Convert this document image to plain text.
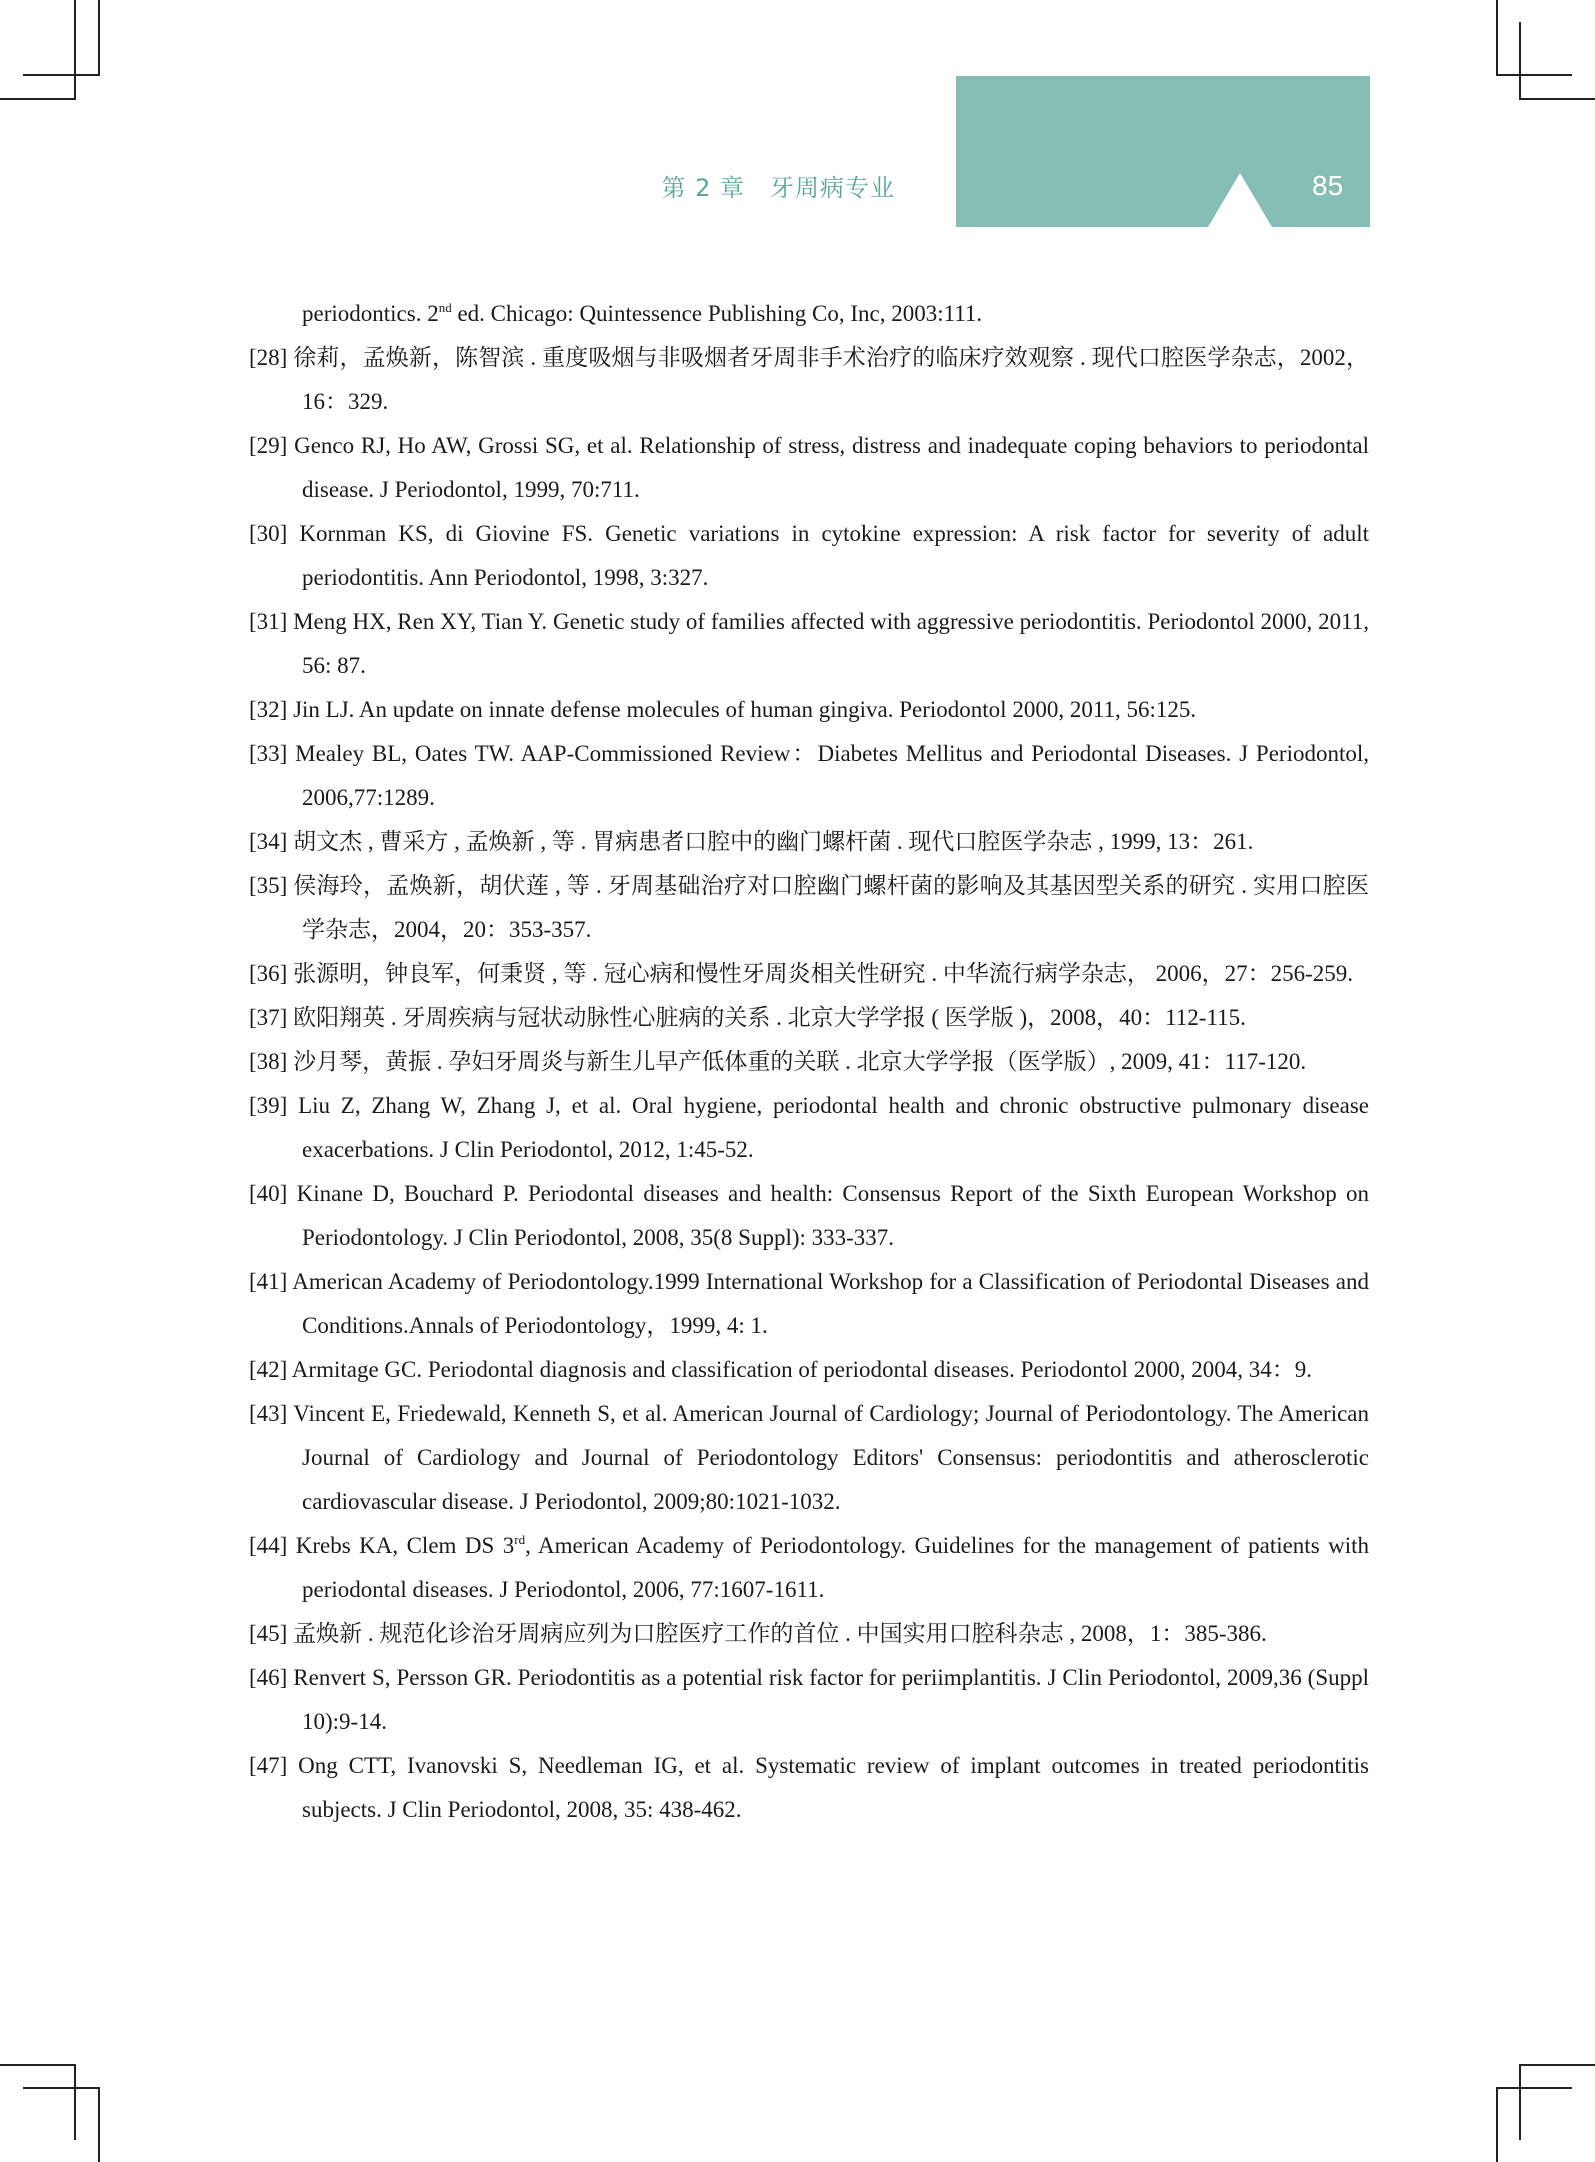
第 2 章　牙周病专业	85
periodontics. 2nd ed. Chicago: Quintessence Publishing Co, Inc, 2003:111.
[28] 徐莉，孟焕新，陈智滨 . 重度吸烟与非吸烟者牙周非手术治疗的临床疗效观察 . 现代口腔医学杂志，2002，16：329.
[29] Genco RJ, Ho AW, Grossi SG, et al. Relationship of stress, distress and inadequate coping behaviors to periodontal disease. J Periodontol, 1999, 70:711.
[30] Kornman KS, di Giovine FS. Genetic variations in cytokine expression: A risk factor for severity of adult periodontitis. Ann Periodontol, 1998, 3:327.
[31] Meng HX, Ren XY, Tian Y. Genetic study of families affected with aggressive periodontitis. Periodontol 2000, 2011, 56: 87.
[32] Jin LJ. An update on innate defense molecules of human gingiva. Periodontol 2000, 2011, 56:125.
[33] Mealey BL, Oates TW. AAP-Commissioned Review：Diabetes Mellitus and Periodontal Diseases. J Periodontol, 2006,77:1289.
[34] 胡文杰 , 曹采方 , 孟焕新 , 等 . 胃病患者口腔中的幽门螺杆菌 . 现代口腔医学杂志 , 1999, 13：261.
[35] 侯海玲，孟焕新，胡伏莲 , 等 . 牙周基础治疗对口腔幽门螺杆菌的影响及其基因型关系的研究 . 实用口腔医学杂志，2004，20：353-357.
[36] 张源明，钟良军，何秉贤 , 等 . 冠心病和慢性牙周炎相关性研究 . 中华流行病学杂志， 2006，27：256-259.
[37] 欧阳翔英 . 牙周疾病与冠状动脉性心脏病的关系 . 北京大学学报 ( 医学版 )，2008，40：112-115.
[38] 沙月琴，黄振 . 孕妇牙周炎与新生儿早产低体重的关联 . 北京大学学报（医学版）, 2009, 41：117-120.
[39] Liu Z, Zhang W, Zhang J, et al. Oral hygiene, periodontal health and chronic obstructive pulmonary disease exacerbations. J Clin Periodontol, 2012, 1:45-52.
[40] Kinane D, Bouchard P. Periodontal diseases and health: Consensus Report of the Sixth European Workshop on Periodontology. J Clin Periodontol, 2008, 35(8 Suppl): 333-337.
[41] American Academy of Periodontology.1999 International Workshop for a Classification of Periodontal Diseases and Conditions.Annals of Periodontology，1999, 4: 1.
[42] Armitage GC. Periodontal diagnosis and classification of periodontal diseases. Periodontol 2000, 2004, 34：9.
[43] Vincent E, Friedewald, Kenneth S, et al. American Journal of Cardiology; Journal of Periodontology. The American Journal of Cardiology and Journal of Periodontology Editors' Consensus: periodontitis and atherosclerotic cardiovascular disease. J Periodontol, 2009;80:1021-1032.
[44] Krebs KA, Clem DS 3rd, American Academy of Periodontology. Guidelines for the management of patients with periodontal diseases. J Periodontol, 2006, 77:1607-1611.
[45] 孟焕新 . 规范化诊治牙周病应列为口腔医疗工作的首位 . 中国实用口腔科杂志 , 2008，1：385-386.
[46] Renvert S, Persson GR. Periodontitis as a potential risk factor for periimplantitis. J Clin Periodontol, 2009,36 (Suppl 10):9-14.
[47] Ong CTT, Ivanovski S, Needleman IG, et al. Systematic review of implant outcomes in treated periodontitis subjects. J Clin Periodontol, 2008, 35: 438-462.
